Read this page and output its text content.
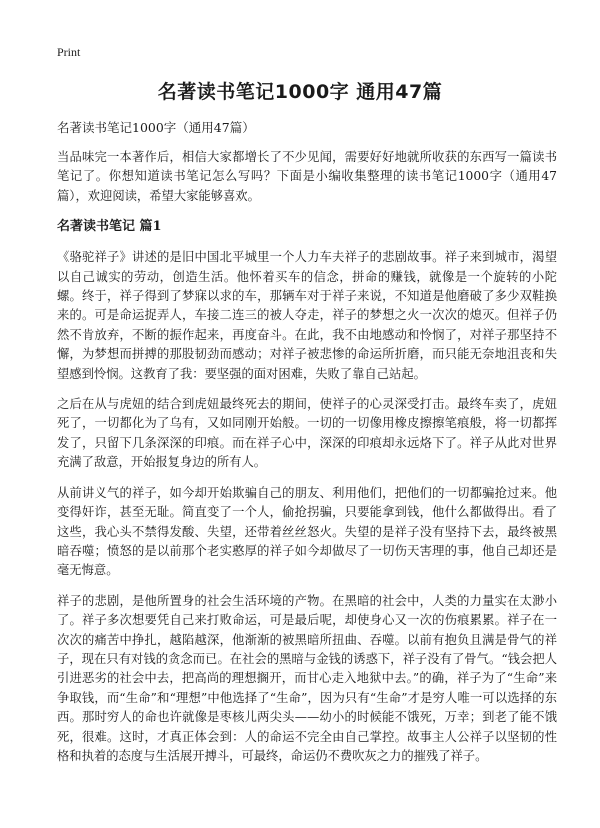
Print
名著读书笔记1000字 通用47篇
名著读书笔记1000字（通用47篇）

当品味完一本著作后，相信大家都增长了不少见闻，需要好好地就所收获的东西写一篇读书笔记了。你想知道读书笔记怎么写吗？下面是小编收集整理的读书笔记1000字（通用47篇），欢迎阅读，希望大家能够喜欢。

名著读书笔记 篇1

《骆驼祥子》讲述的是旧中国北平城里一个人力车夫祥子的悲剧故事。祥子来到城市，渴望以自己诚实的劳动，创造生活。他怀着买车的信念，拼命的赚钱，就像是一个旋转的小陀螺。终于，祥子得到了梦寐以求的车，那辆车对于祥子来说，不知道是他磨破了多少双鞋换来的。可是命运捉弄人，车接二连三的被人夺走，祥子的梦想之火一次次的熄灭。但祥子仍然不肯放弃，不断的振作起来，再度奋斗。在此，我不由地感动和怜悯了，对祥子那坚持不懈，为梦想而拼搏的那股韧劲而感动；对祥子被悲惨的命运所折磨，而只能无奈地沮丧和失望感到怜悯。这教育了我：要坚强的面对困难，失败了靠自己站起。

之后在从与虎妞的结合到虎妞最终死去的期间，使祥子的心灵深受打击。最终车卖了，虎妞死了，一切都化为了乌有，又如同刚开始般。一切的一切像用橡皮擦擦笔痕般，将一切都挥发了，只留下几条深深的印痕。而在祥子心中，深深的印痕却永远烙下了。祥子从此对世界充满了敌意，开始报复身边的所有人。

从前讲义气的祥子，如今却开始欺骗自己的朋友、利用他们，把他们的一切都骗抢过来。他变得奸诈，甚至无耻。简直变了一个人，偷抢拐骗，只要能拿到钱，他什么都做得出。看了这些，我心头不禁得发酸、失望，还带着丝丝怒火。失望的是祥子没有坚持下去，最终被黑暗吞噬；愤怒的是以前那个老实憨厚的祥子如今却做尽了一切伤天害理的事，他自己却还是毫无悔意。

祥子的悲剧，是他所置身的社会生活环境的产物。在黑暗的社会中，人类的力量实在太渺小了。祥子多次想要凭自己来打败命运，可是最后呢，却使身心又一次的伤痕累累。祥子在一次次的痛苦中挣扎，越陷越深，他渐渐的被黑暗所扭曲、吞噬。以前有抱负且满是骨气的祥子，现在只有对钱的贪念而已。在社会的黑暗与金钱的诱惑下，祥子没有了骨气。“钱会把人引进恶劣的社会中去，把高尚的理想搁开，而甘心走入地狱中去。”的确，祥子为了“生命”来争取钱，而“生命”和“理想”中他选择了“生命”，因为只有“生命”才是穷人唯一可以选择的东西。那时穷人的命也许就像是枣核儿两尖头——幼小的时候能不饿死，万幸；到老了能不饿死，很难。这时，才真正体会到：人的命运不完全由自己掌控。故事主人公祥子以坚韧的性格和执着的态度与生活展开搏斗，可最终，命运仍不费吹灰之力的摧残了祥子。
